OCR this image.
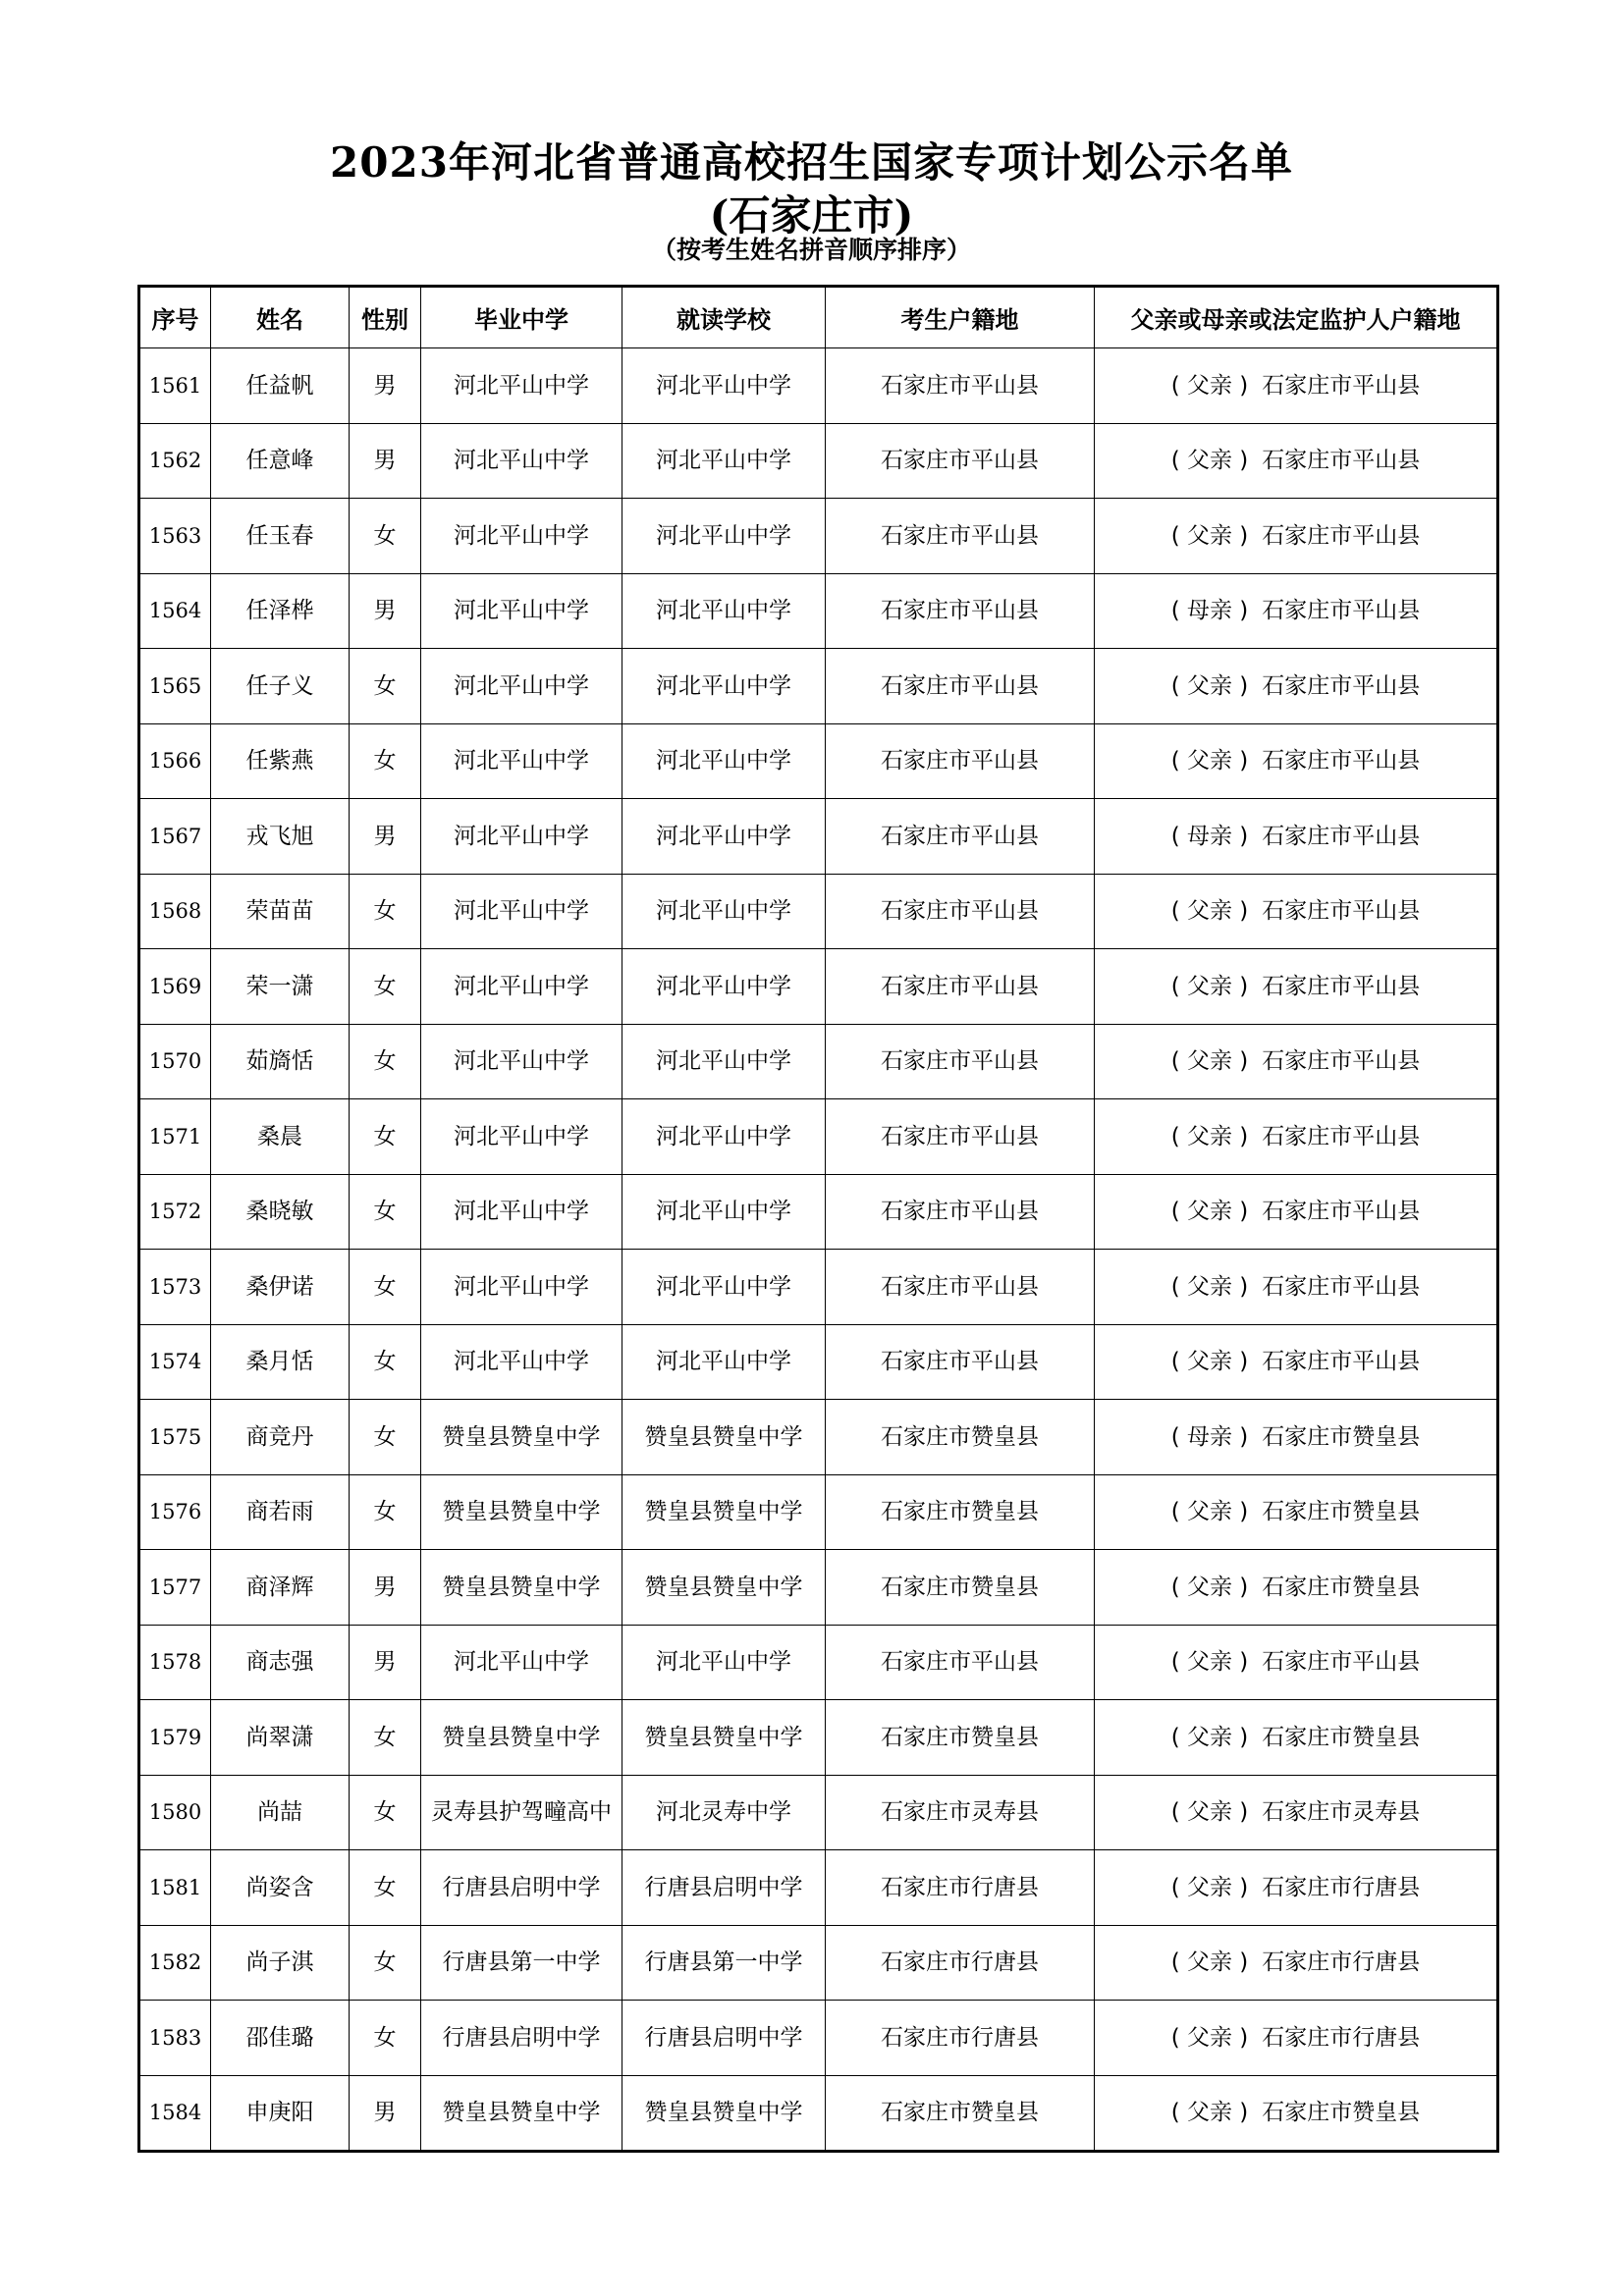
2023年河北省普通高校招生国家专项计划公示名单
(石家庄市)
（按考生姓名拼音顺序排序）
序号	姓名	性别	毕业中学	就读学校	考生户籍地	父亲或母亲或法定监护人户籍地
1561	任益帆	男	河北平山中学	河北平山中学	石家庄市平山县	( 父亲 ) 石家庄市平山县
1562	任意峰	男	河北平山中学	河北平山中学	石家庄市平山县	( 父亲 ) 石家庄市平山县
1563	任玉春	女	河北平山中学	河北平山中学	石家庄市平山县	( 父亲 ) 石家庄市平山县
1564	任泽桦	男	河北平山中学	河北平山中学	石家庄市平山县	( 母亲 ) 石家庄市平山县
1565	任子义	女	河北平山中学	河北平山中学	石家庄市平山县	( 父亲 ) 石家庄市平山县
1566	任紫燕	女	河北平山中学	河北平山中学	石家庄市平山县	( 父亲 ) 石家庄市平山县
1567	戎飞旭	男	河北平山中学	河北平山中学	石家庄市平山县	( 母亲 ) 石家庄市平山县
1568	荣苗苗	女	河北平山中学	河北平山中学	石家庄市平山县	( 父亲 ) 石家庄市平山县
1569	荣一潇	女	河北平山中学	河北平山中学	石家庄市平山县	( 父亲 ) 石家庄市平山县
1570	茹旖恬	女	河北平山中学	河北平山中学	石家庄市平山县	( 父亲 ) 石家庄市平山县
1571	桑晨	女	河北平山中学	河北平山中学	石家庄市平山县	( 父亲 ) 石家庄市平山县
1572	桑晓敏	女	河北平山中学	河北平山中学	石家庄市平山县	( 父亲 ) 石家庄市平山县
1573	桑伊诺	女	河北平山中学	河北平山中学	石家庄市平山县	( 父亲 ) 石家庄市平山县
1574	桑月恬	女	河北平山中学	河北平山中学	石家庄市平山县	( 父亲 ) 石家庄市平山县
1575	商竞丹	女	赞皇县赞皇中学	赞皇县赞皇中学	石家庄市赞皇县	( 母亲 ) 石家庄市赞皇县
1576	商若雨	女	赞皇县赞皇中学	赞皇县赞皇中学	石家庄市赞皇县	( 父亲 ) 石家庄市赞皇县
1577	商泽辉	男	赞皇县赞皇中学	赞皇县赞皇中学	石家庄市赞皇县	( 父亲 ) 石家庄市赞皇县
1578	商志强	男	河北平山中学	河北平山中学	石家庄市平山县	( 父亲 ) 石家庄市平山县
1579	尚翠潇	女	赞皇县赞皇中学	赞皇县赞皇中学	石家庄市赞皇县	( 父亲 ) 石家庄市赞皇县
1580	尚喆	女	灵寿县护驾疃高中	河北灵寿中学	石家庄市灵寿县	( 父亲 ) 石家庄市灵寿县
1581	尚姿含	女	行唐县启明中学	行唐县启明中学	石家庄市行唐县	( 父亲 ) 石家庄市行唐县
1582	尚子淇	女	行唐县第一中学	行唐县第一中学	石家庄市行唐县	( 父亲 ) 石家庄市行唐县
1583	邵佳璐	女	行唐县启明中学	行唐县启明中学	石家庄市行唐县	( 父亲 ) 石家庄市行唐县
1584	申庚阳	男	赞皇县赞皇中学	赞皇县赞皇中学	石家庄市赞皇县	( 父亲 ) 石家庄市赞皇县
